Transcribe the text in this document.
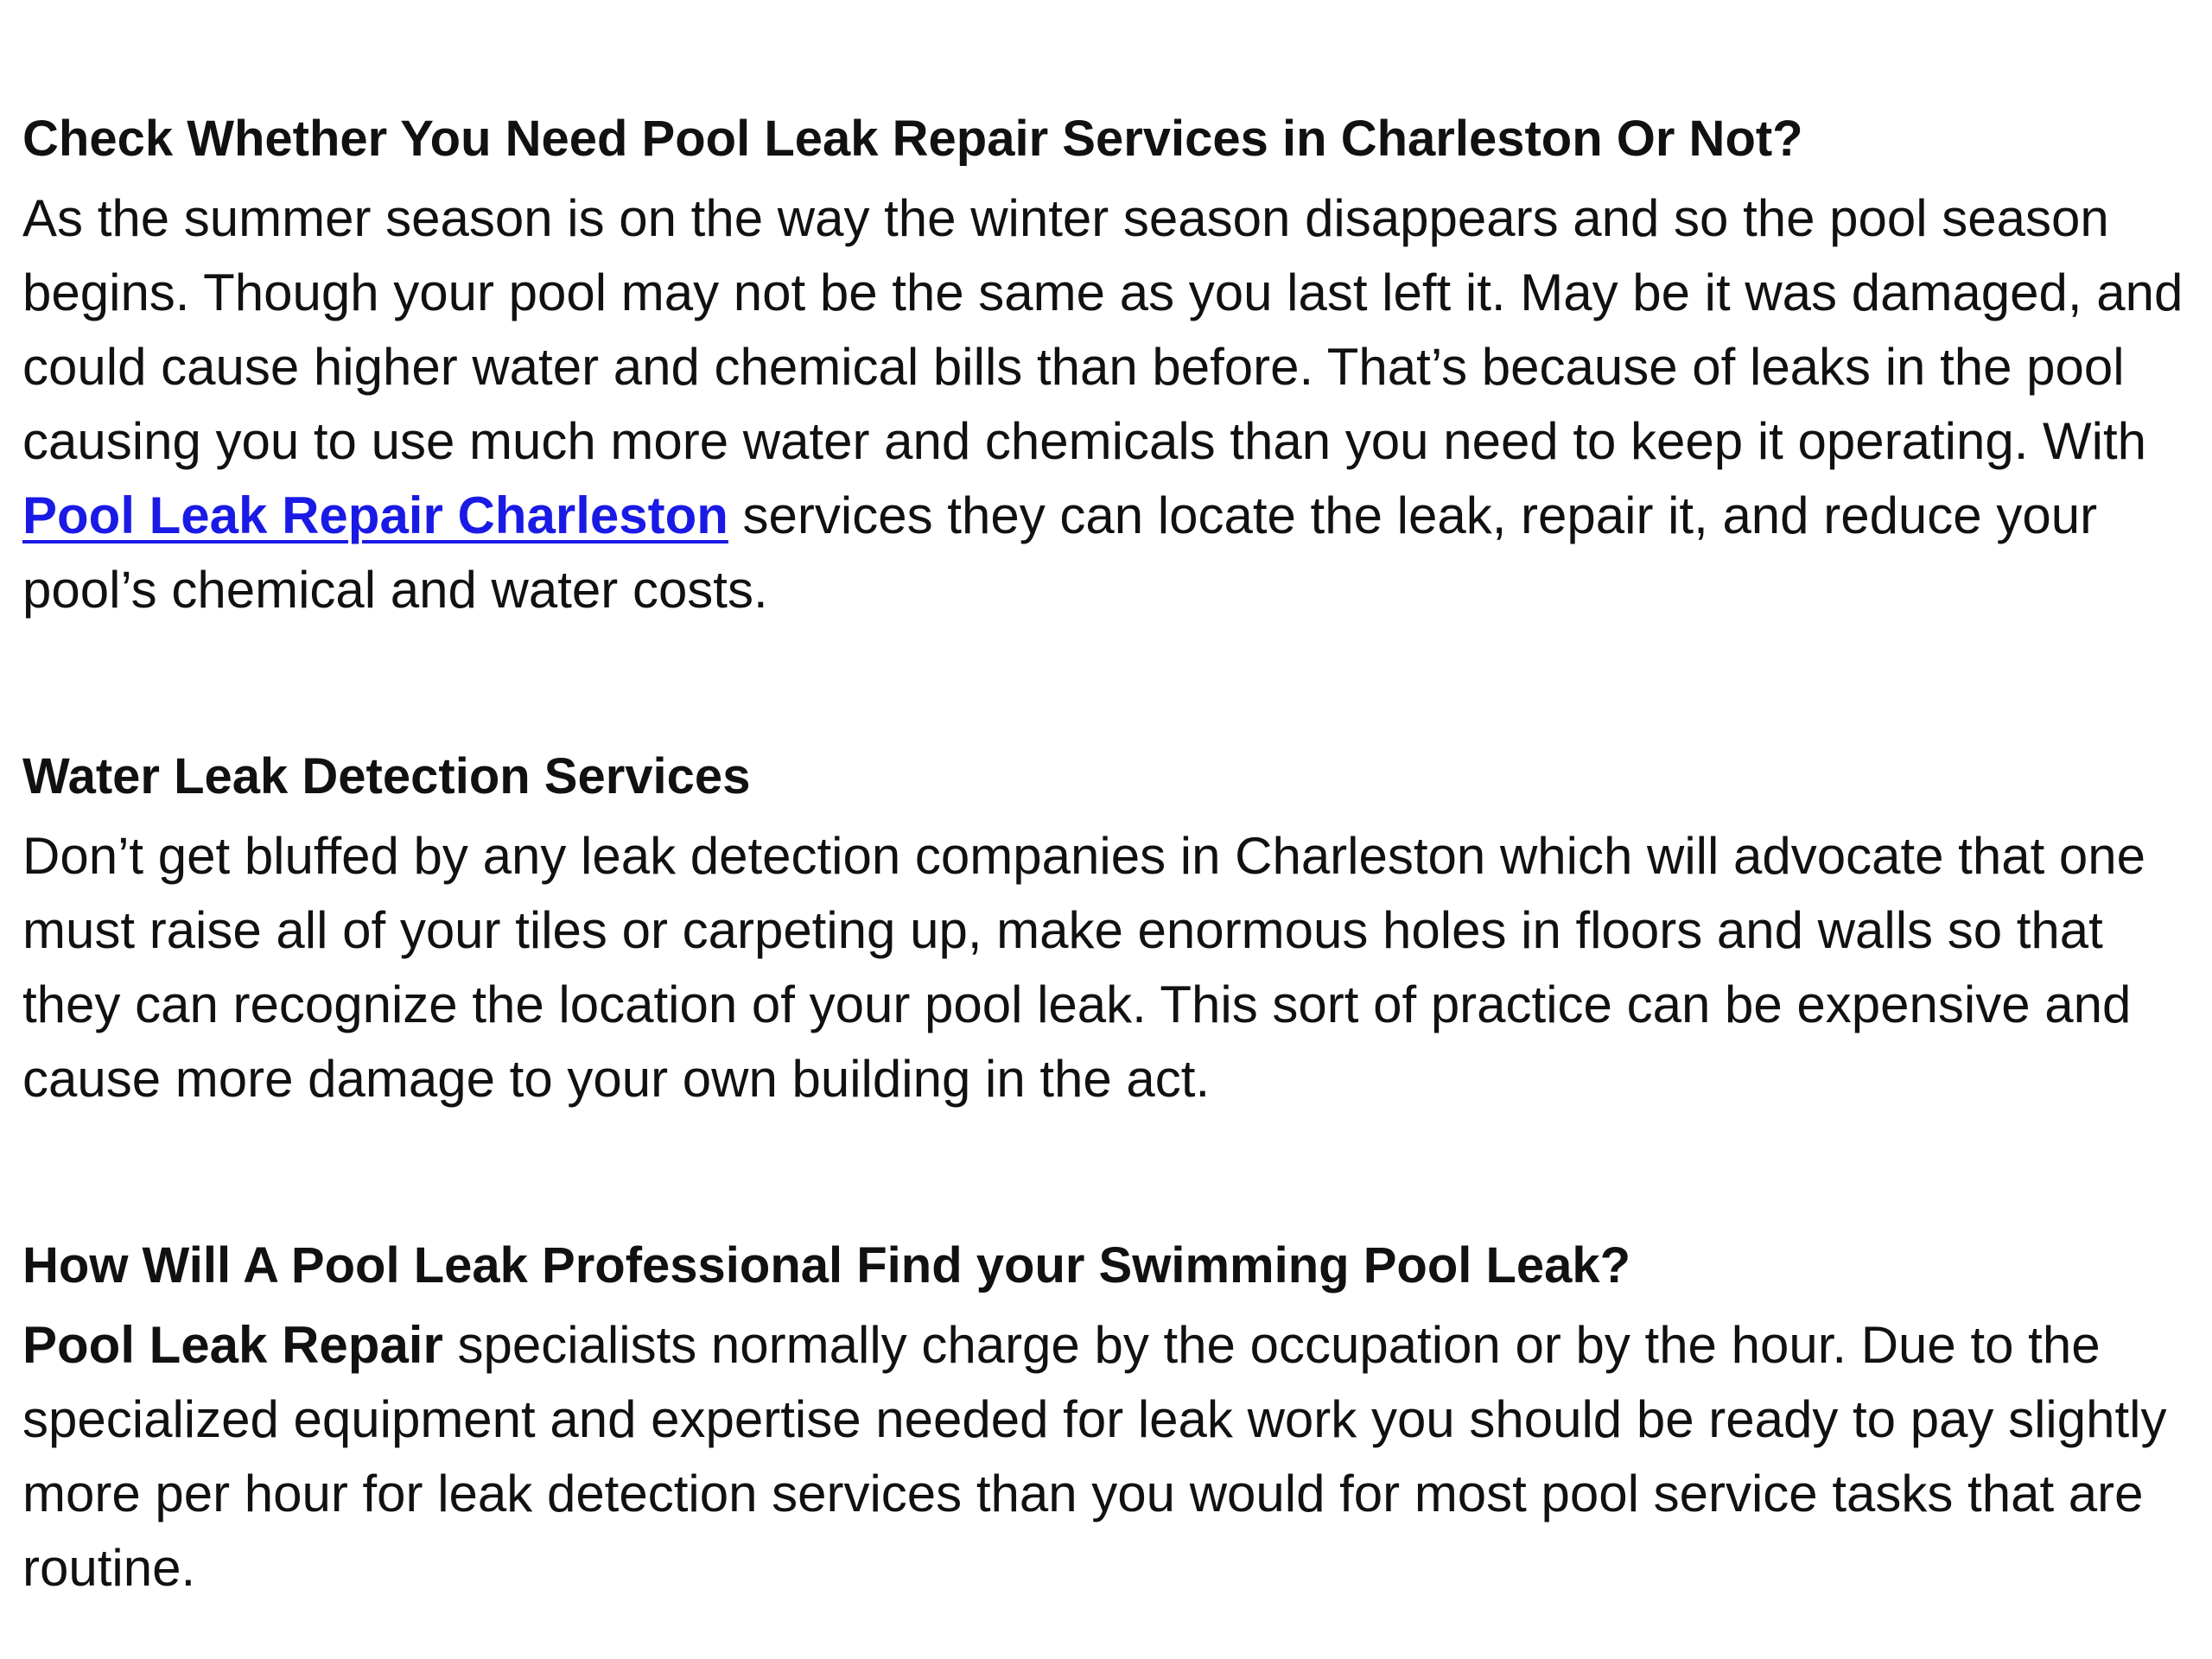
Check Whether You Need Pool Leak Repair Services in Charleston Or Not?

As the summer season is on the way the winter season disappears and so the pool season begins. Though your pool may not be the same as you last left it. May be it was damaged, and could cause higher water and chemical bills than before. That’s because of leaks in the pool causing you to use much more water and chemicals than you need to keep it operating. With Pool Leak Repair Charleston services they can locate the leak, repair it, and reduce your pool’s chemical and water costs.

Water Leak Detection Services

Don’t get bluffed by any leak detection companies in Charleston which will advocate that one must raise all of your tiles or carpeting up, make enormous holes in floors and walls so that they can recognize the location of your pool leak. This sort of practice can be expensive and cause more damage to your own building in the act.

How Will A Pool Leak Professional Find your Swimming Pool Leak?

Pool Leak Repair specialists normally charge by the occupation or by the hour. Due to the specialized equipment and expertise needed for leak work you should be ready to pay slightly more per hour for leak detection services than you would for most pool service tasks that are routine.
